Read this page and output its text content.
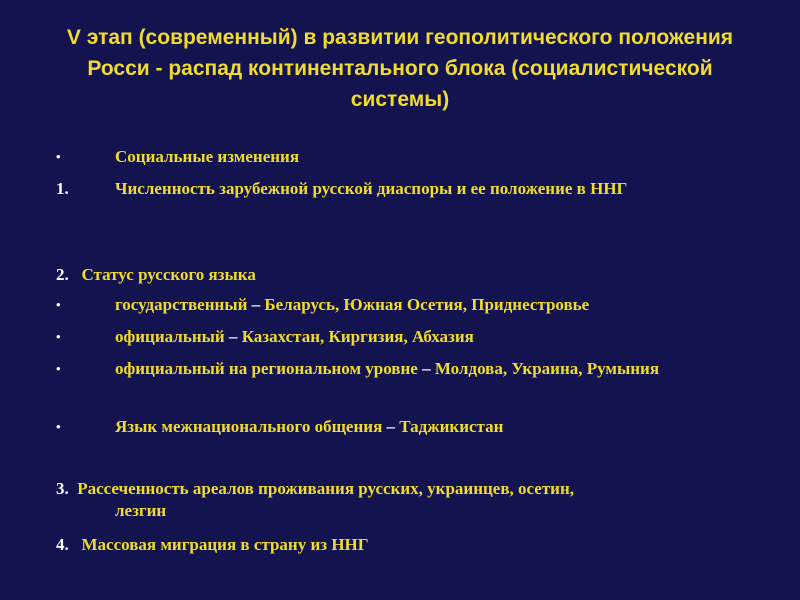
V этап (современный) в развитии геополитического положения Росси - распад континентального блока (социалистической системы)
•	Социальные изменения
1.	Численность зарубежной русской диаспоры и ее положение в ННГ
2. Статус русского языка
•	государственный – Беларусь, Южная Осетия, Приднестровье
•	официальный – Казахстан, Киргизия, Абхазия
•	официальный на региональном уровне – Молдова, Украина, Румыния
•	Язык межнационального общения – Таджикистан
3. Рассеченность ареалов проживания русских, украинцев, осетин,
лезгин
4. Массовая миграция в страну из ННГ
